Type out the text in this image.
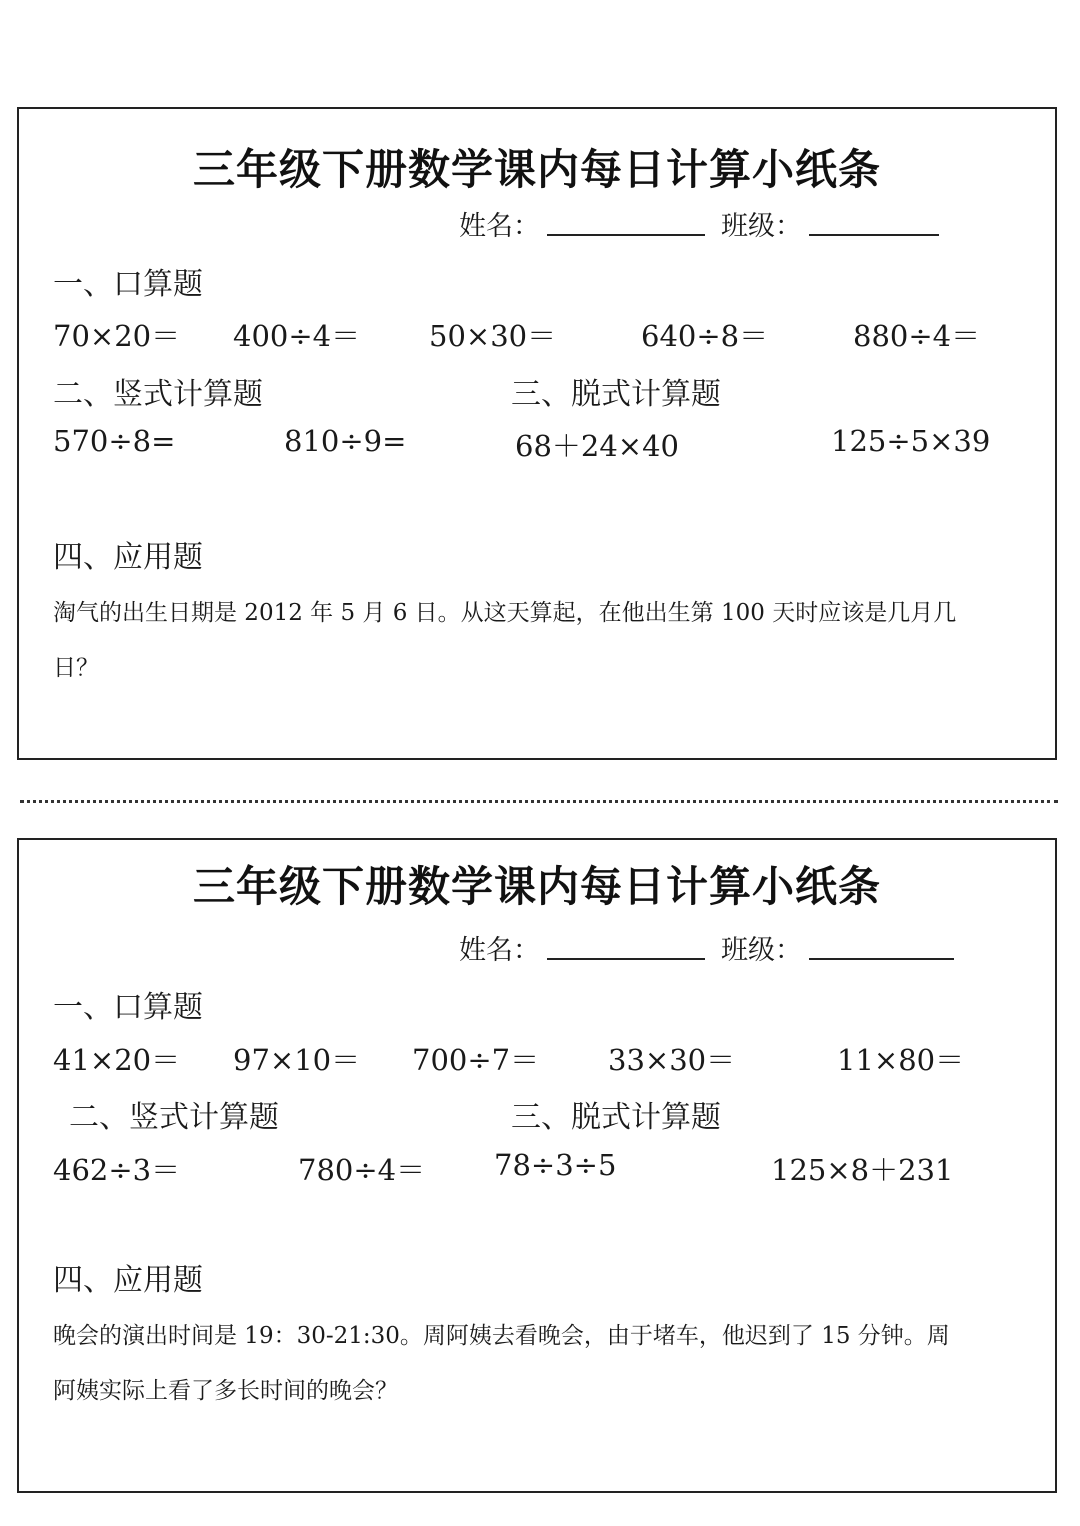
三年级下册数学课内每日计算小纸条
姓名：	班级：
一、口算题
70×20＝ 400÷4＝ 50×30＝	640÷8＝	880÷4＝
二、竖式计算题	三、脱式计算题
570÷8=	810÷9=	68＋24×40	125÷5×39
四、应用题
淘气的出生日期是 2012 年 5 月 6 日。从这天算起，在他出生第 100 天时应该是几月几
日？
三年级下册数学课内每日计算小纸条
姓名：	班级：
一、口算题
41×20＝ 97×10＝ 700÷7＝ 33×30＝	11×80＝
二、竖式计算题	三、脱式计算题
462÷3＝	780÷4＝ 78÷3÷5	125×8＋231
四、应用题
晚会的演出时间是 19：30-21:30。周阿姨去看晚会，由于堵车，他迟到了 15 分钟。周
阿姨实际上看了多长时间的晚会？
